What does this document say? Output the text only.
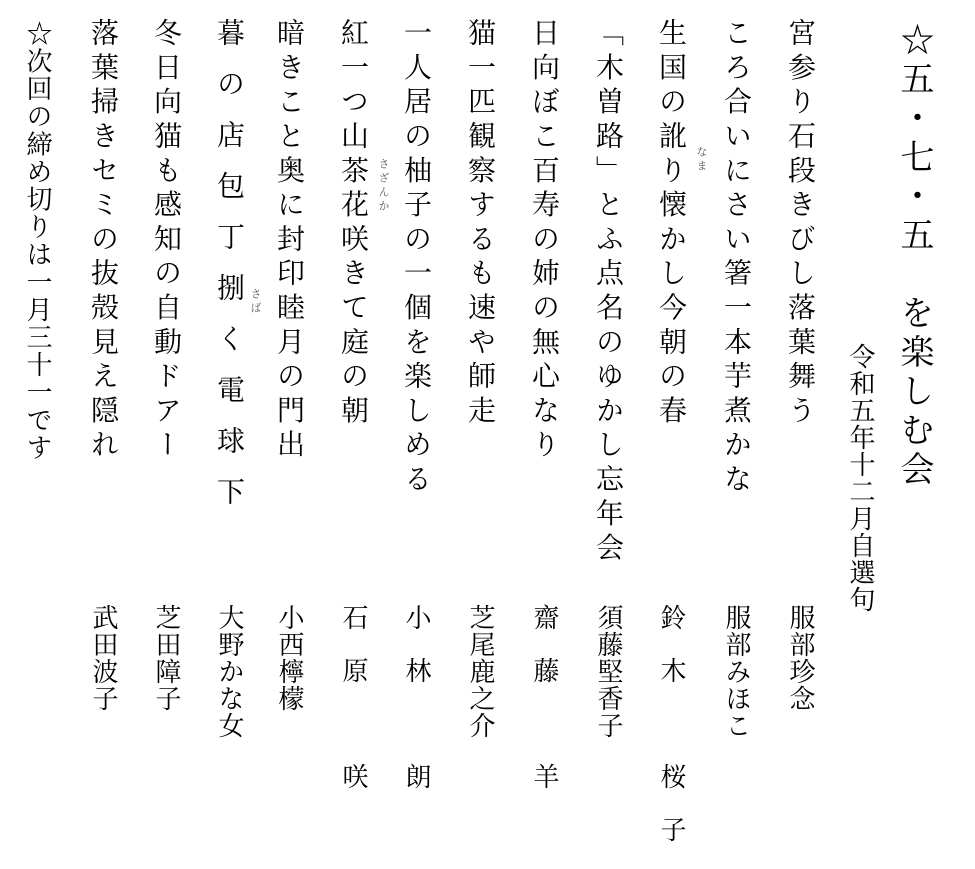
☆五・七・五　を楽しむ会
令和五年十二月自選句
宮参り石段きびし落葉舞う
服部珍念
ころ合いにさい箸一本芋煮かな
服部みほこ
生国の訛り懐かし今朝の春 なま
鈴木　桜子
「木曽路」とふ点名のゆかし忘年会
須藤堅香子
日向ぼこ百寿の姉の無心なり
齋藤　羊
猫一匹観察するも速や師走
芝尾鹿之介
一人居の柚子の一個を楽しめる
小林　朗
紅一つ山茶花咲きて庭の朝 さざんか
石原　咲
暗きこと奥に封印睦月の門出
小西檸檬
暮の店包丁捌く電球下 さば
大野かな女
冬日向猫も感知の自動ドアー
芝田障子
落葉掃きセミの抜殻見え隠れ
武田波子
☆次回の締め切りは一月三十一です
